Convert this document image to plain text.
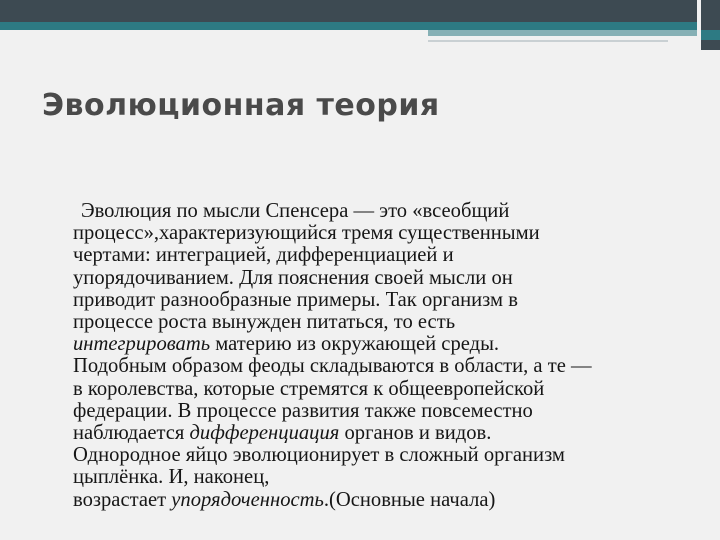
Эволюционная теория
Эволюция по мысли Спенсера — это «всеобщий
процесс»,характеризующийся тремя существенными
чертами: интеграцией, дифференциацией и
упорядочиванием. Для пояснения своей мысли он
приводит разнообразные примеры. Так организм в
процессе роста вынужден питаться, то есть
интегрировать материю из окружающей среды.
Подобным образом феоды складываются в области, а те —
в королевства, которые стремятся к общеевропейской
федерации. В процессе развития также повсеместно
наблюдается дифференциация органов и видов.
Однородное яйцо эволюционирует в сложный организм
цыплёнка. И, наконец,
возрастает упорядоченность.(Основные начала)
